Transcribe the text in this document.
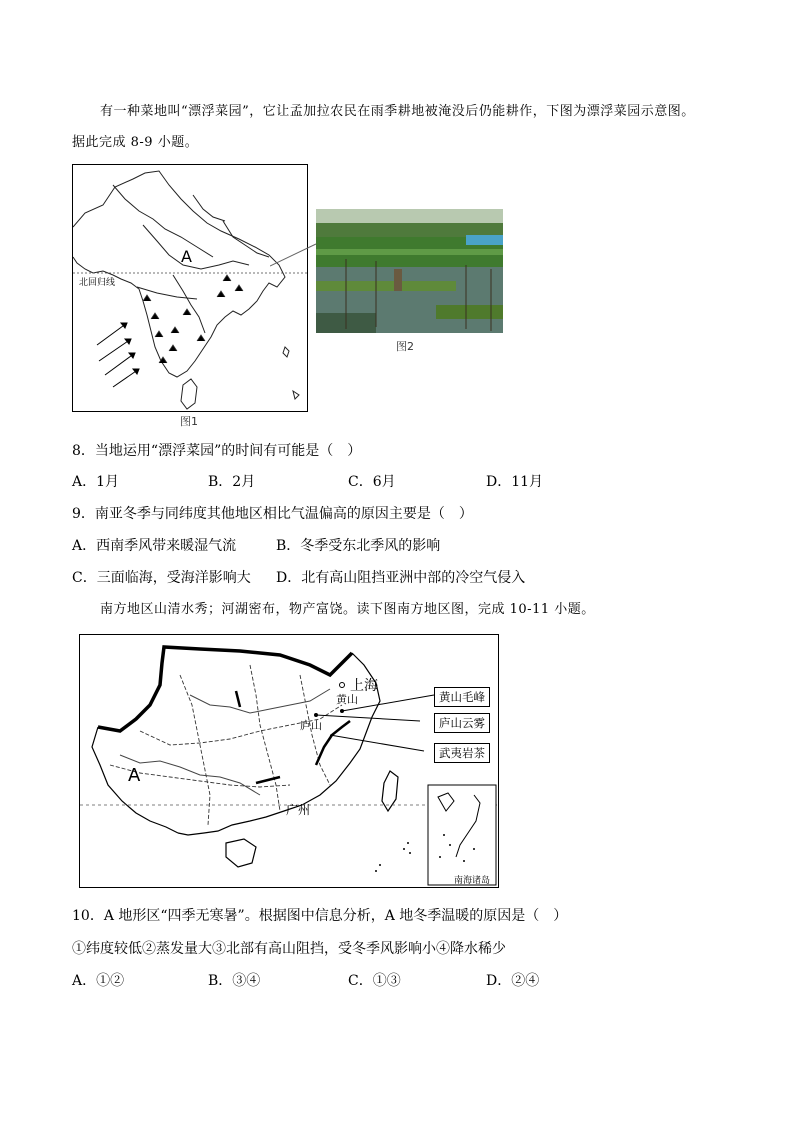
有一种菜地叫“漂浮菜园”，它让孟加拉农民在雨季耕地被淹没后仍能耕作，下图为漂浮菜园示意图。
据此完成 8-9 小题。
A
北回归线
图1
图2
8．当地运用“漂浮菜园”的时间有可能是（　）
A．1月	B．2月	C．6月	D．11月
9．南亚冬季与同纬度其他地区相比气温偏高的原因主要是（　）
A．西南季风带来暖湿气流	B．冬季受东北季风的影响
C．三面临海，受海洋影响大 D．北有高山阻挡亚洲中部的冷空气侵入
南方地区山清水秀；河湖密布，物产富饶。读下图南方地区图，完成 10-11 小题。
A
上海
黄山
庐山
广州
黄山毛峰
庐山云雾
武夷岩茶
南海诸岛
10．A 地形区“四季无寒暑”。根据图中信息分析，A 地冬季温暖的原因是（　）
①纬度较低②蒸发量大③北部有高山阻挡，受冬季风影响小④降水稀少
A．①②	B．③④	C．①③	D．②④
